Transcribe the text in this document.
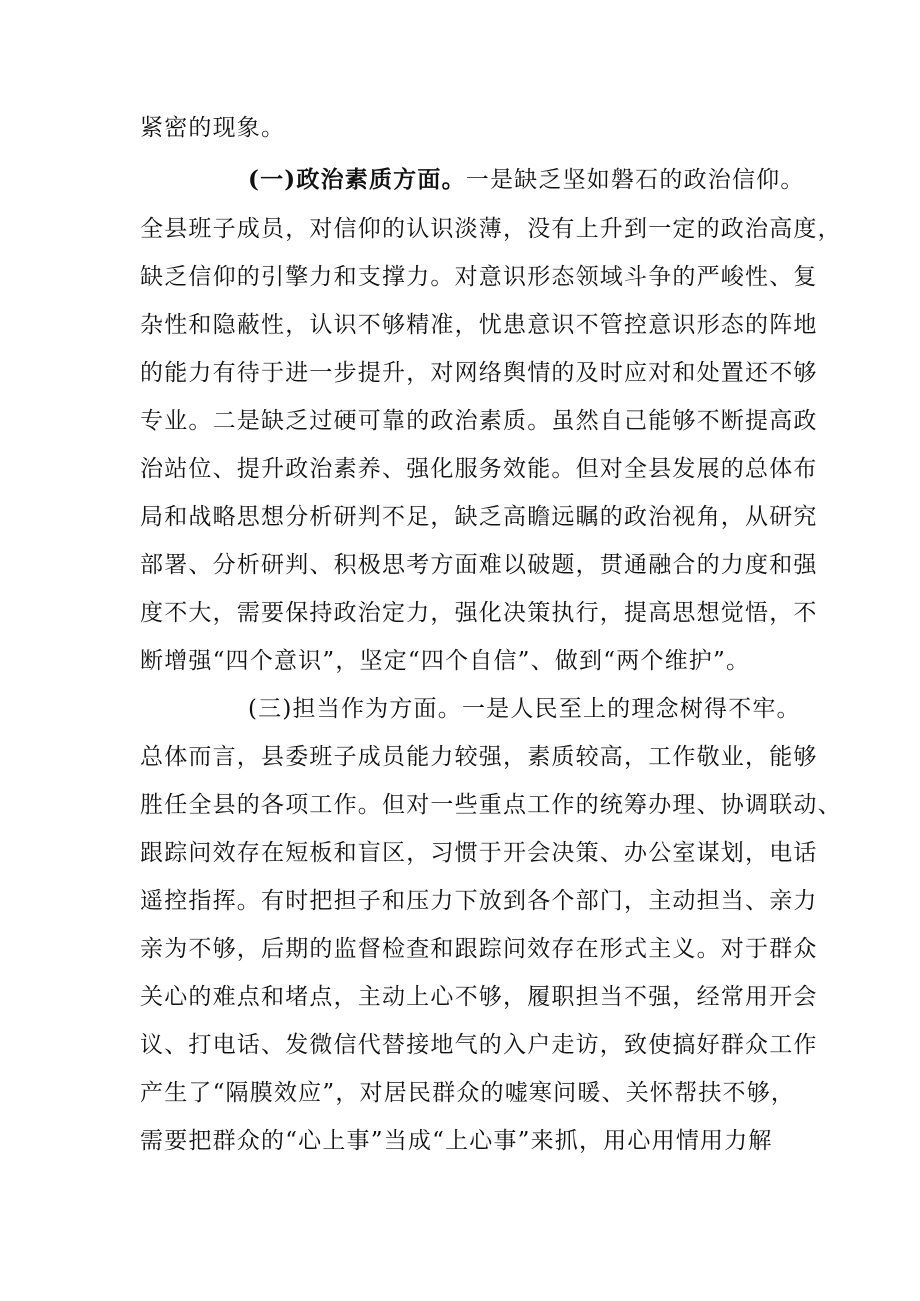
紧密的现象。
(一)政治素质方面。一是缺乏坚如磐石的政治信仰。
全县班子成员，对信仰的认识淡薄，没有上升到一定的政治高度，
缺乏信仰的引擎力和支撑力。对意识形态领域斗争的严峻性、复
杂性和隐蔽性，认识不够精准，忧患意识不管控意识形态的阵地
的能力有待于进一步提升，对网络舆情的及时应对和处置还不够
专业。二是缺乏过硬可靠的政治素质。虽然自己能够不断提高政
治站位、提升政治素养、强化服务效能。但对全县发展的总体布
局和战略思想分析研判不足，缺乏高瞻远瞩的政治视角，从研究
部署、分析研判、积极思考方面难以破题，贯通融合的力度和强
度不大，需要保持政治定力，强化决策执行，提高思想觉悟，不
断增强“四个意识”，坚定“四个自信”、做到“两个维护”。
(三)担当作为方面。一是人民至上的理念树得不牢。
总体而言，县委班子成员能力较强，素质较高，工作敬业，能够
胜任全县的各项工作。但对一些重点工作的统筹办理、协调联动、
跟踪问效存在短板和盲区，习惯于开会决策、办公室谋划，电话
遥控指挥。有时把担子和压力下放到各个部门，主动担当、亲力
亲为不够，后期的监督检查和跟踪问效存在形式主义。对于群众
关心的难点和堵点，主动上心不够，履职担当不强，经常用开会
议、打电话、发微信代替接地气的入户走访，致使搞好群众工作
产生了“隔膜效应”，对居民群众的嘘寒问暖、关怀帮扶不够，
需要把群众的“心上事”当成“上心事”来抓，用心用情用力解
